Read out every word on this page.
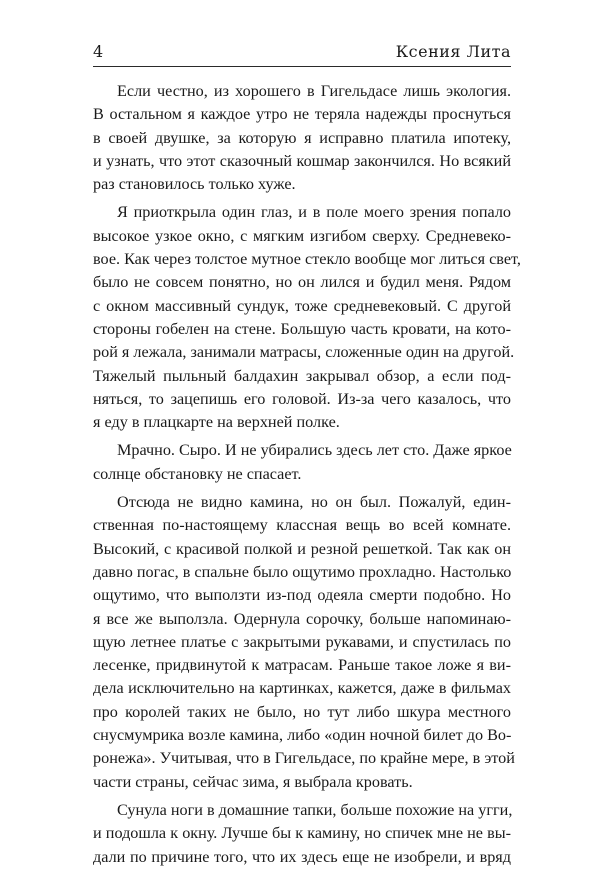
4	Ксения Лита
Если честно, из хорошего в Гигельдасе лишь экология.
В остальном я каждое утро не теряла надежды проснуться
в своей двушке, за которую я исправно платила ипотеку,
и узнать, что этот сказочный кошмар закончился. Но всякий
раз становилось только хуже.
Я приоткрыла один глаз, и в поле моего зрения попало
высокое узкое окно, с мягким изгибом сверху. Средневеко-
вое. Как через толстое мутное стекло вообще мог литься свет,
было не совсем понятно, но он лился и будил меня. Рядом
с окном массивный сундук, тоже средневековый. С другой
стороны гобелен на стене. Большую часть кровати, на кото-
рой я лежала, занимали матрасы, сложенные один на другой.
Тяжелый пыльный балдахин закрывал обзор, а если под-
няться, то зацепишь его головой. Из-за чего казалось, что
я еду в плацкарте на верхней полке.
Мрачно. Сыро. И не убирались здесь лет сто. Даже яркое
солнце обстановку не спасает.
Отсюда не видно камина, но он был. Пожалуй, един-
ственная по-настоящему классная вещь во всей комнате.
Высокий, с красивой полкой и резной решеткой. Так как он
давно погас, в спальне было ощутимо прохладно. Настолько
ощутимо, что выползти из-под одеяла смерти подобно. Но
я все же выползла. Одернула сорочку, больше напоминаю-
щую летнее платье с закрытыми рукавами, и спустилась по
лесенке, придвинутой к матрасам. Раньше такое ложе я ви-
дела исключительно на картинках, кажется, даже в фильмах
про королей таких не было, но тут либо шкура местного
снусмумрика возле камина, либо «один ночной билет до Во-
ронежа». Учитывая, что в Гигельдасе, по крайне мере, в этой
части страны, сейчас зима, я выбрала кровать.
Сунула ноги в домашние тапки, больше похожие на угги,
и подошла к окну. Лучше бы к камину, но спичек мне не вы-
дали по причине того, что их здесь еще не изобрели, и вряд
